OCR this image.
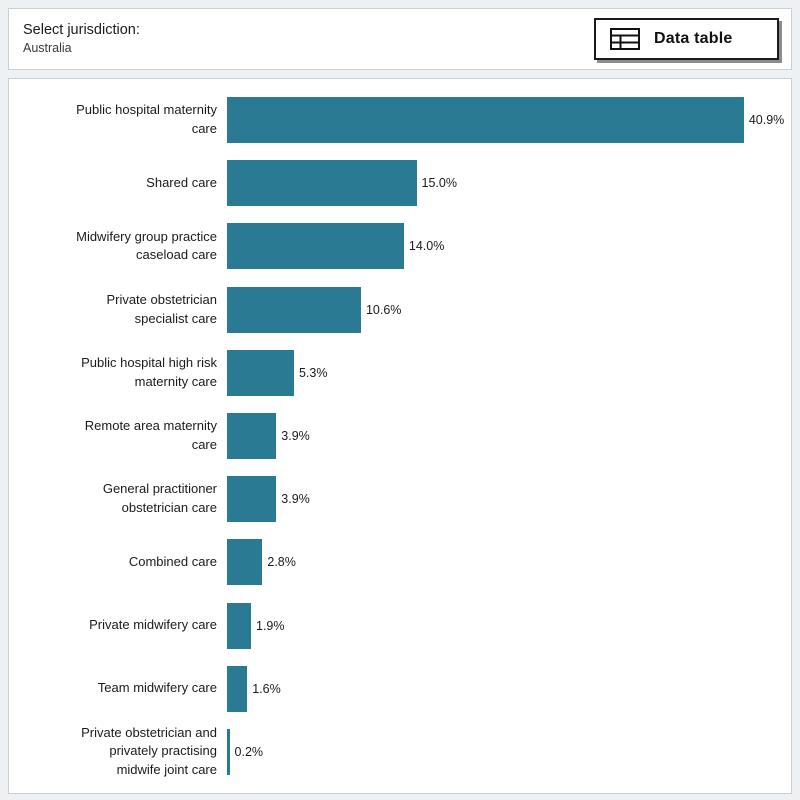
Select jurisdiction:
Australia
Data table
Public hospital maternity
care
40.9%
Shared care	15.0%
Midwifery group practice
caseload care
14.0%
Private obstetrician
specialist care
10.6%
Public hospital high risk
maternity care
5.3%
Remote area maternity
care
3.9%
General practitioner
obstetrician care
3.9%
Combined care	2.8%
Private midwifery care	1.9%
Team midwifery care	1.6%
Private obstetrician and
privately practising
midwife joint care
0.2%
